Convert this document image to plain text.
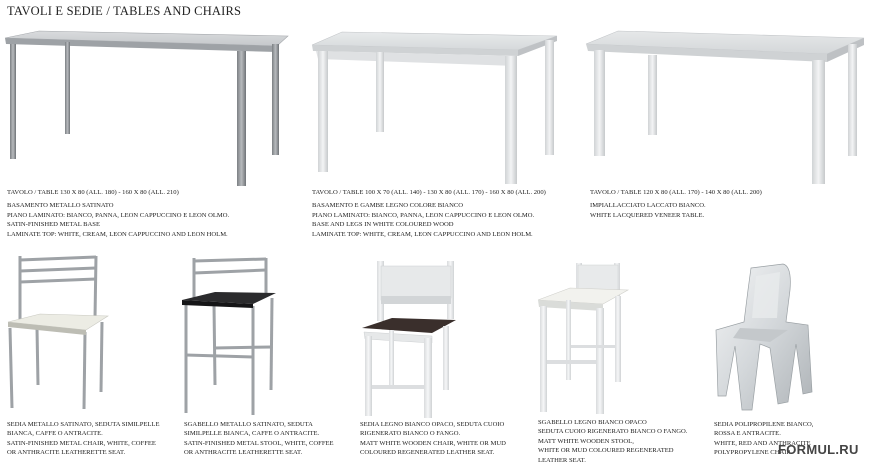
TAVOLI E SEDIE / TABLES AND CHAIRS
TAVOLO / TABLE 130 X 80 (ALL. 180) - 160 X 80 (ALL. 210)
BASAMENTO METALLO SATINATO
PIANO LAMINATO: BIANCO, PANNA, LEON CAPPUCCINO E LEON OLMO.
SATIN-FINISHED METAL BASE
LAMINATE TOP: WHITE, CREAM, LEON CAPPUCCINO AND LEON HOLM.
TAVOLO / TABLE 100 X 70 (ALL. 140) - 130 X 80 (ALL. 170) - 160 X 80 (ALL. 200)
BASAMENTO E GAMBE LEGNO COLORE BIANCO
PIANO LAMINATO: BIANCO, PANNA, LEON CAPPUCCINO E LEON OLMO.
BASE AND LEGS IN WHITE COLOURED WOOD
LAMINATE TOP: WHITE, CREAM, LEON CAPPUCCINO AND LEON HOLM.
TAVOLO / TABLE 120 X 80 (ALL. 170) - 140 X 80 (ALL. 200)
IMPIALLACCIATO LACCATO BIANCO.
WHITE LACQUERED VENEER TABLE.
SEDIA METALLO SATINATO, SEDUTA SIMILPELLE
BIANCA, CAFFE O ANTRACITE.
SATIN-FINISHED METAL CHAIR, WHITE, COFFEE
OR ANTHRACITE LEATHERETTE SEAT.
SGABELLO METALLO SATINATO, SEDUTA
SIMILPELLE BIANCA, CAFFE O ANTRACITE.
SATIN-FINISHED METAL STOOL, WHITE, COFFEE
OR ANTHRACITE LEATHERETTE SEAT.
SEDIA LEGNO BIANCO OPACO, SEDUTA CUOIO
RIGENERATO BIANCO O FANGO.
MATT WHITE WOODEN CHAIR, WHITE OR MUD
COLOURED REGENERATED LEATHER SEAT.
SGABELLO LEGNO BIANCO OPACO
SEDUTA CUOIO RIGENERATO BIANCO O FANGO.
MATT WHITE WOODEN STOOL,
WHITE OR MUD COLOURED REGENERATED
LEATHER SEAT.
SEDIA POLIPROPILENE BIANCO,
ROSSA E ANTRACITE.
WHITE, RED AND ANTHRACITE
POLYPROPYLENE CHAIR.
FORMUL.RU
